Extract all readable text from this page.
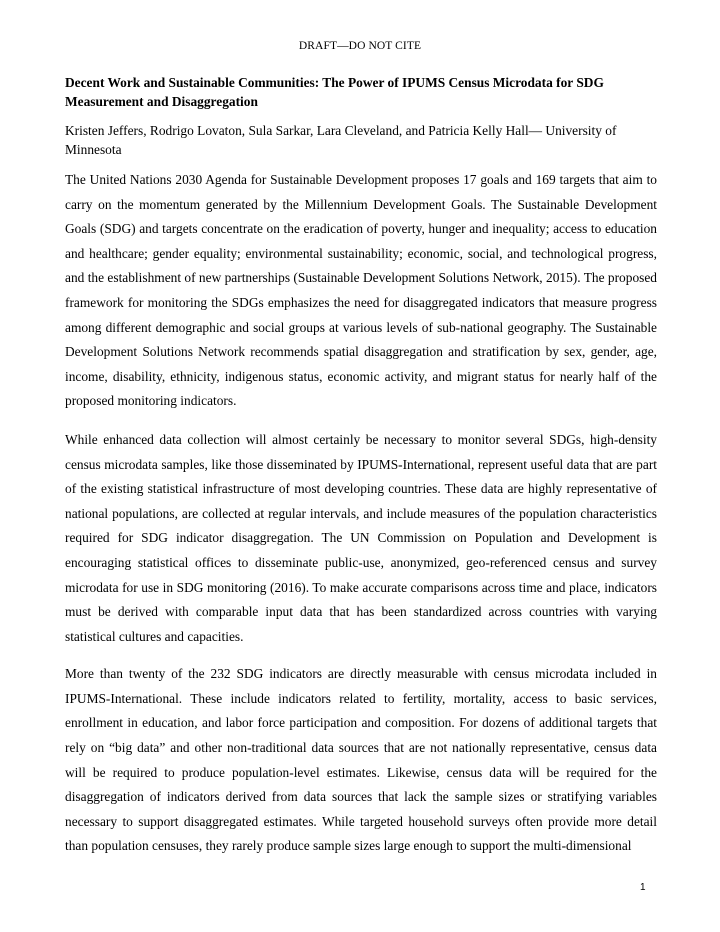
DRAFT—DO NOT CITE

Decent Work and Sustainable Communities: The Power of IPUMS Census Microdata for SDG Measurement and Disaggregation

Kristen Jeffers, Rodrigo Lovaton, Sula Sarkar, Lara Cleveland, and Patricia Kelly Hall— University of Minnesota

The United Nations 2030 Agenda for Sustainable Development proposes 17 goals and 169 targets that aim to carry on the momentum generated by the Millennium Development Goals. The Sustainable Development Goals (SDG) and targets concentrate on the eradication of poverty, hunger and inequality; access to education and healthcare; gender equality; environmental sustainability; economic, social, and technological progress, and the establishment of new partnerships (Sustainable Development Solutions Network, 2015). The proposed framework for monitoring the SDGs emphasizes the need for disaggregated indicators that measure progress among different demographic and social groups at various levels of sub-national geography. The Sustainable Development Solutions Network recommends spatial disaggregation and stratification by sex, gender, age, income, disability, ethnicity, indigenous status, economic activity, and migrant status for nearly half of the proposed monitoring indicators.

While enhanced data collection will almost certainly be necessary to monitor several SDGs, high-density census microdata samples, like those disseminated by IPUMS-International, represent useful data that are part of the existing statistical infrastructure of most developing countries. These data are highly representative of national populations, are collected at regular intervals, and include measures of the population characteristics required for SDG indicator disaggregation. The UN Commission on Population and Development is encouraging statistical offices to disseminate public-use, anonymized, geo-referenced census and survey microdata for use in SDG monitoring (2016). To make accurate comparisons across time and place, indicators must be derived with comparable input data that has been standardized across countries with varying statistical cultures and capacities.

More than twenty of the 232 SDG indicators are directly measurable with census microdata included in IPUMS-International. These include indicators related to fertility, mortality, access to basic services, enrollment in education, and labor force participation and composition. For dozens of additional targets that rely on “big data” and other non-traditional data sources that are not nationally representative, census data will be required to produce population-level estimates. Likewise, census data will be required for the disaggregation of indicators derived from data sources that lack the sample sizes or stratifying variables necessary to support disaggregated estimates. While targeted household surveys often provide more detail than population censuses, they rarely produce sample sizes large enough to support the multi-dimensional

1
